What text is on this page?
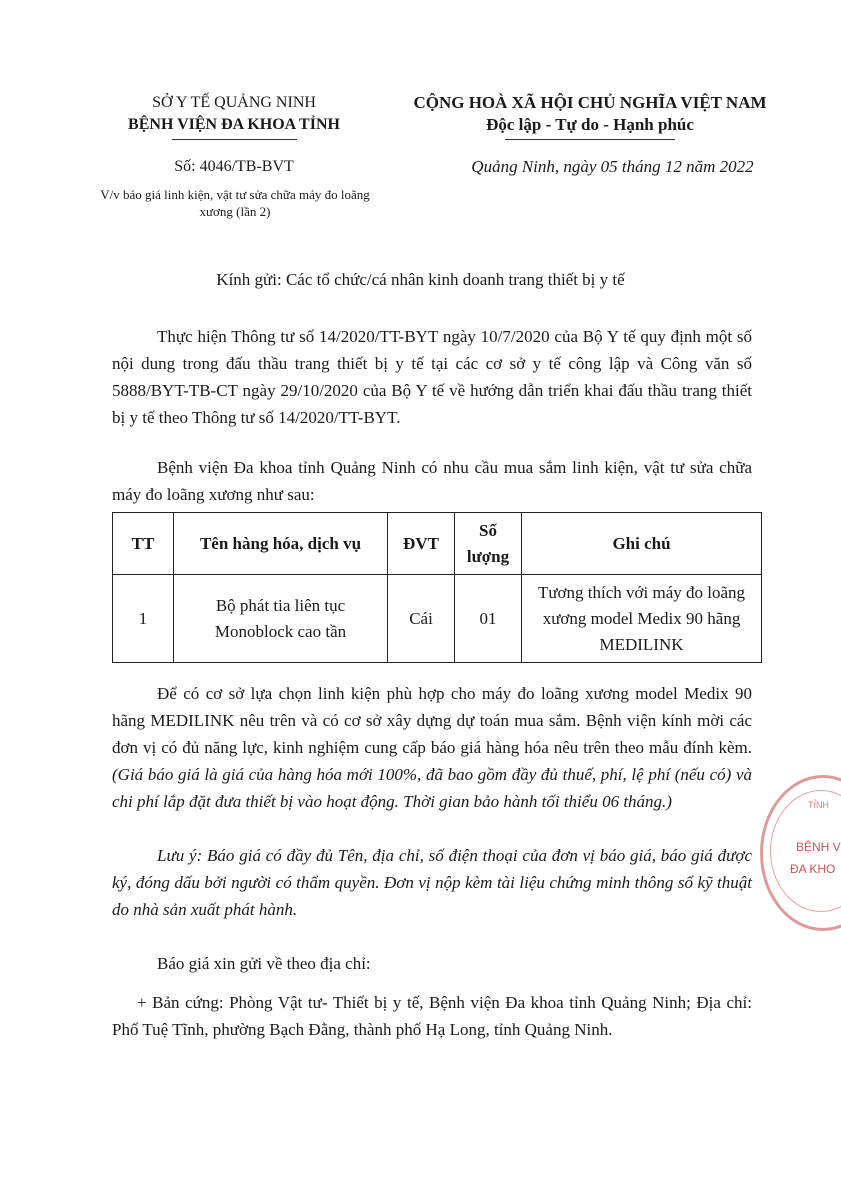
SỞ Y TẾ QUẢNG NINH
BỆNH VIỆN ĐA KHOA TỈNH
CỘNG HOÀ XÃ HỘI CHỦ NGHĨA VIỆT NAM
Độc lập - Tự do - Hạnh phúc
Số: 4046/TB-BVT	Quảng Ninh, ngày 05 tháng 12 năm 2022
V/v báo giá linh kiện, vật tư sửa chữa máy đo loãng xương (lần 2)
Kính gửi: Các tổ chức/cá nhân kinh doanh trang thiết bị y tế
Thực hiện Thông tư số 14/2020/TT-BYT ngày 10/7/2020 của Bộ Y tế quy định một số nội dung trong đấu thầu trang thiết bị y tế tại các cơ sở y tế công lập và Công văn số 5888/BYT-TB-CT ngày 29/10/2020 của Bộ Y tế về hướng dẫn triển khai đấu thầu trang thiết bị y tế theo Thông tư số 14/2020/TT-BYT.
Bệnh viện Đa khoa tỉnh Quảng Ninh có nhu cầu mua sắm linh kiện, vật tư sửa chữa máy đo loãng xương như sau:
TT	Tên hàng hóa, dịch vụ	ĐVT	Số lượng	Ghi chú
1	Bộ phát tia liên tục Monoblock cao tần	Cái	01	Tương thích với máy đo loãng xương model Medix 90 hãng MEDILINK
Để có cơ sở lựa chọn linh kiện phù hợp cho máy đo loãng xương model Medix 90 hãng MEDILINK nêu trên và có cơ sở xây dựng dự toán mua sắm. Bệnh viện kính mời các đơn vị có đủ năng lực, kinh nghiệm cung cấp báo giá hàng hóa nêu trên theo mẫu đính kèm. (Giá báo giá là giá của hàng hóa mới 100%, đã bao gồm đầy đủ thuế, phí, lệ phí (nếu có) và chi phí lắp đặt đưa thiết bị vào hoạt động. Thời gian bảo hành tối thiểu 06 tháng.)
Lưu ý: Báo giá có đầy đủ Tên, địa chỉ, số điện thoại của đơn vị báo giá, báo giá được ký, đóng dấu bởi người có thẩm quyền. Đơn vị nộp kèm tài liệu chứng minh thông số kỹ thuật do nhà sản xuất phát hành.
Báo giá xin gửi về theo địa chỉ:
+ Bản cứng: Phòng Vật tư- Thiết bị y tế, Bệnh viện Đa khoa tỉnh Quảng Ninh; Địa chỉ: Phố Tuệ Tĩnh, phường Bạch Đằng, thành phố Hạ Long, tỉnh Quảng Ninh.
TỈNH
BỆNH V
ĐA KHO
